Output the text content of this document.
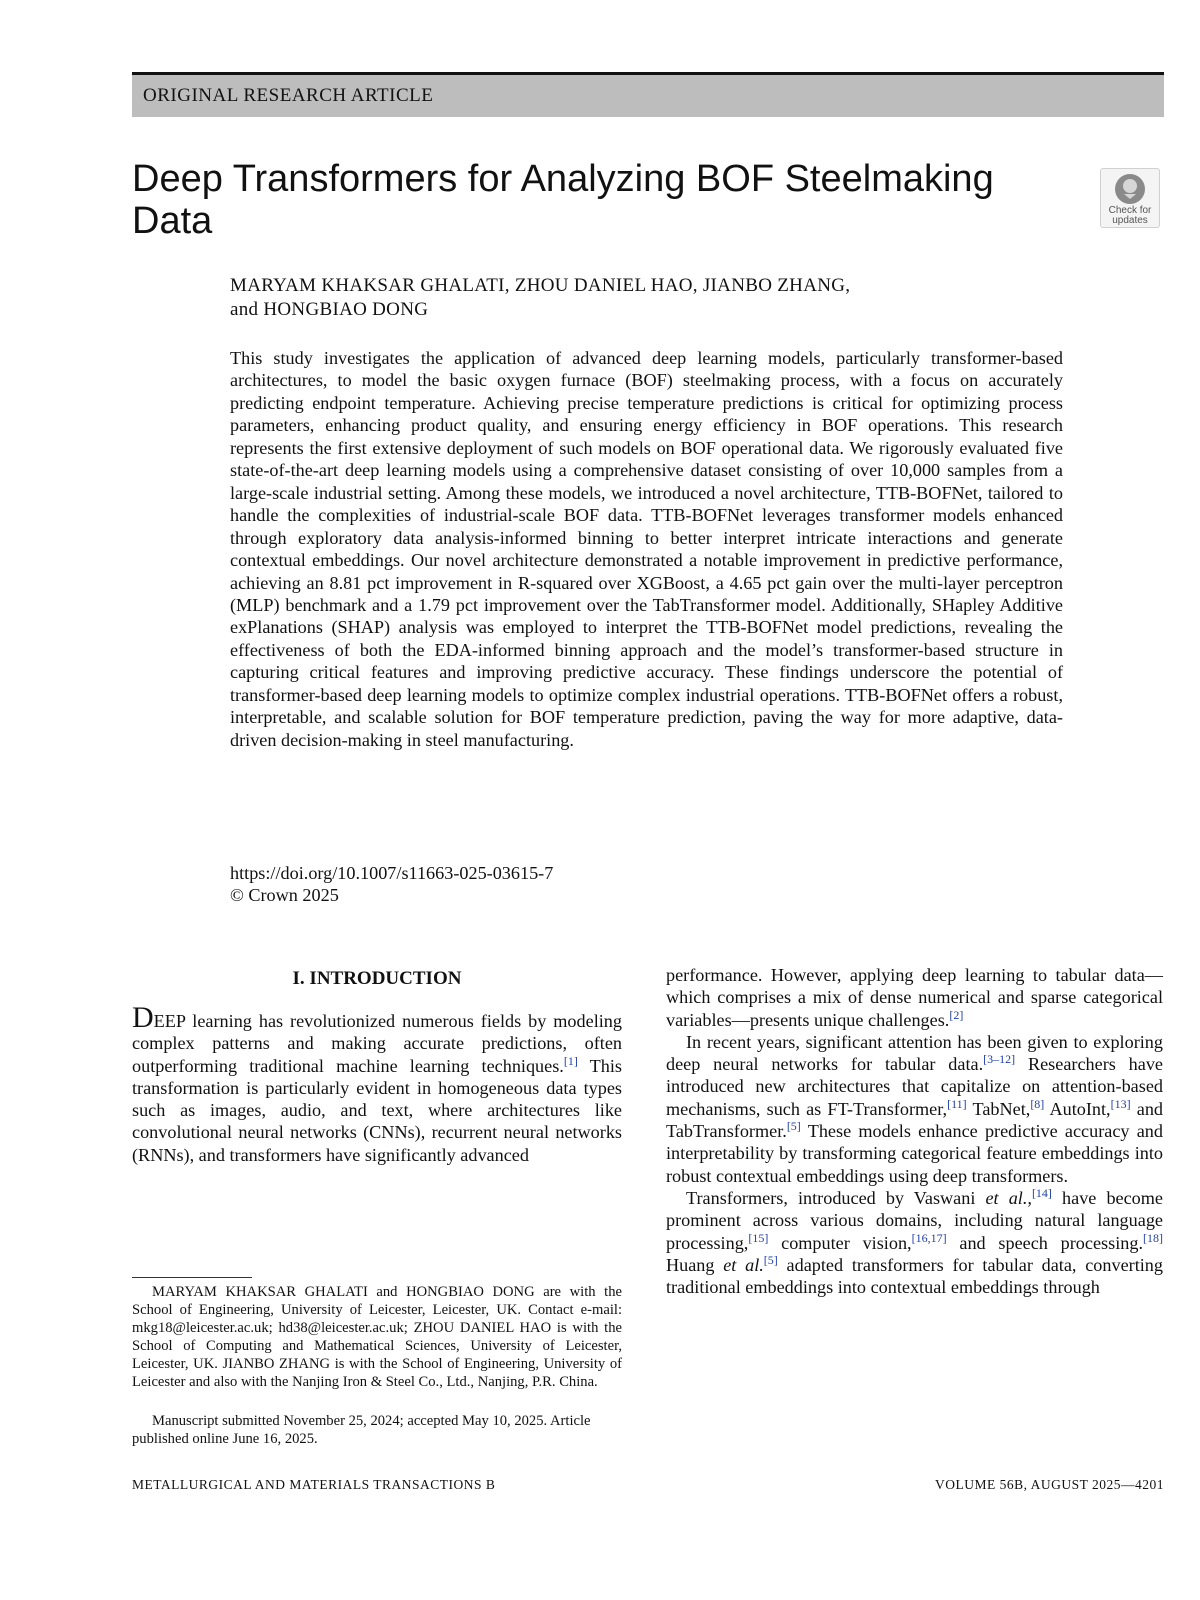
ORIGINAL RESEARCH ARTICLE
Deep Transformers for Analyzing BOF Steelmaking Data	Check for
updates
MARYAM KHAKSAR GHALATI, ZHOU DANIEL HAO, JIANBO ZHANG,
and HONGBIAO DONG

This study investigates the application of advanced deep learning models, particularly transformer-based architectures, to model the basic oxygen furnace (BOF) steelmaking process, with a focus on accurately predicting endpoint temperature. Achieving precise temperature predictions is critical for optimizing process parameters, enhancing product quality, and ensuring energy efficiency in BOF operations. This research represents the first extensive deployment of such models on BOF operational data. We rigorously evaluated five state-of-the-art deep learning models using a comprehensive dataset consisting of over 10,000 samples from a large-scale industrial setting. Among these models, we introduced a novel architecture, TTB-BOFNet, tailored to handle the complexities of industrial-scale BOF data. TTB-BOFNet leverages transformer models enhanced through exploratory data analysis-informed binning to better interpret intricate interactions and generate contextual embeddings. Our novel architecture demonstrated a notable improvement in predictive performance, achieving an 8.81 pct improvement in R-squared over XGBoost, a 4.65 pct gain over the multi-layer perceptron (MLP) benchmark and a 1.79 pct improvement over the TabTransformer model. Additionally, SHapley Additive exPlanations (SHAP) analysis was employed to interpret the TTB-BOFNet model predictions, revealing the effectiveness of both the EDA-informed binning approach and the model’s transformer-based structure in capturing critical features and improving predictive accuracy. These findings underscore the potential of transformer-based deep learning models to optimize complex industrial operations. TTB-BOFNet offers a robust, interpretable, and scalable solution for BOF temperature prediction, paving the way for more adaptive, data-driven decision-making in steel manufacturing.

https://doi.org/10.1007/s11663-025-03615-7
© Crown 2025
I. INTRODUCTION

DEEP learning has revolutionized numerous fields by modeling complex patterns and making accurate predictions, often outperforming traditional machine learning techniques.[1] This transformation is particularly evident in homogeneous data types such as images, audio, and text, where architectures like convolutional neural networks (CNNs), recurrent neural networks (RNNs), and transformers have significantly advanced

performance. However, applying deep learning to tabular data—which comprises a mix of dense numerical and sparse categorical variables—presents unique challenges.[2]

In recent years, significant attention has been given to exploring deep neural networks for tabular data.[3–12] Researchers have introduced new architectures that capitalize on attention-based mechanisms, such as FT-Transformer,[11] TabNet,[8] AutoInt,[13] and TabTransformer.[5] These models enhance predictive accuracy and interpretability by transforming categorical feature embeddings into robust contextual embeddings using deep transformers.

Transformers, introduced by Vaswani et al.,[14] have become prominent across various domains, including natural language processing,[15] computer vision,[16,17] and speech processing.[18] Huang et al.[5] adapted transformers for tabular data, converting traditional embeddings into contextual embeddings through

MARYAM KHAKSAR GHALATI and HONGBIAO DONG are with the School of Engineering, University of Leicester, Leicester, UK. Contact e-mail: mkg18@leicester.ac.uk; hd38@leicester.ac.uk; ZHOU DANIEL HAO is with the School of Computing and Mathematical Sciences, University of Leicester, Leicester, UK. JIANBO ZHANG is with the School of Engineering, University of Leicester and also with the Nanjing Iron & Steel Co., Ltd., Nanjing, P.R. China.

Manuscript submitted November 25, 2024; accepted May 10, 2025. Article published online June 16, 2025.

METALLURGICAL AND MATERIALS TRANSACTIONS B	VOLUME 56B, AUGUST 2025—4201
